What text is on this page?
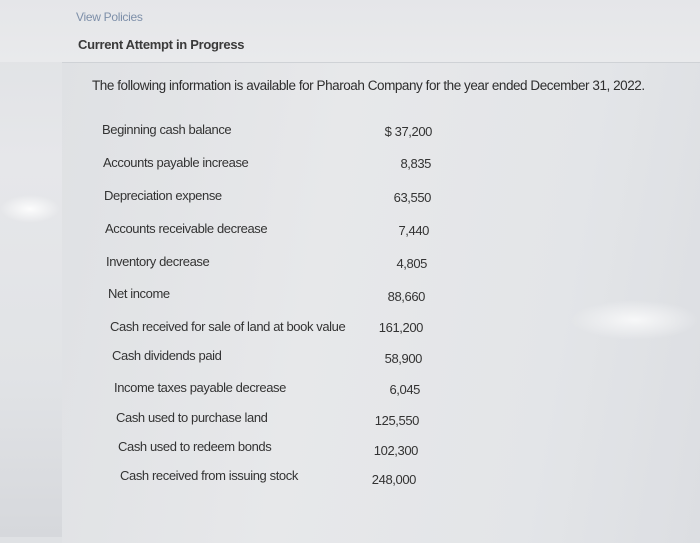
View Policies
Current Attempt in Progress
The following information is available for Pharoah Company for the year ended December 31, 2022.
Beginning cash balance	$ 37,200
Accounts payable increase	8,835
Depreciation expense	63,550
Accounts receivable decrease	7,440
Inventory decrease	4,805
Net income	88,660
Cash received for sale of land at book value	161,200
Cash dividends paid	58,900
Income taxes payable decrease	6,045
Cash used to purchase land	125,550
Cash used to redeem bonds	102,300
Cash received from issuing stock	248,000
